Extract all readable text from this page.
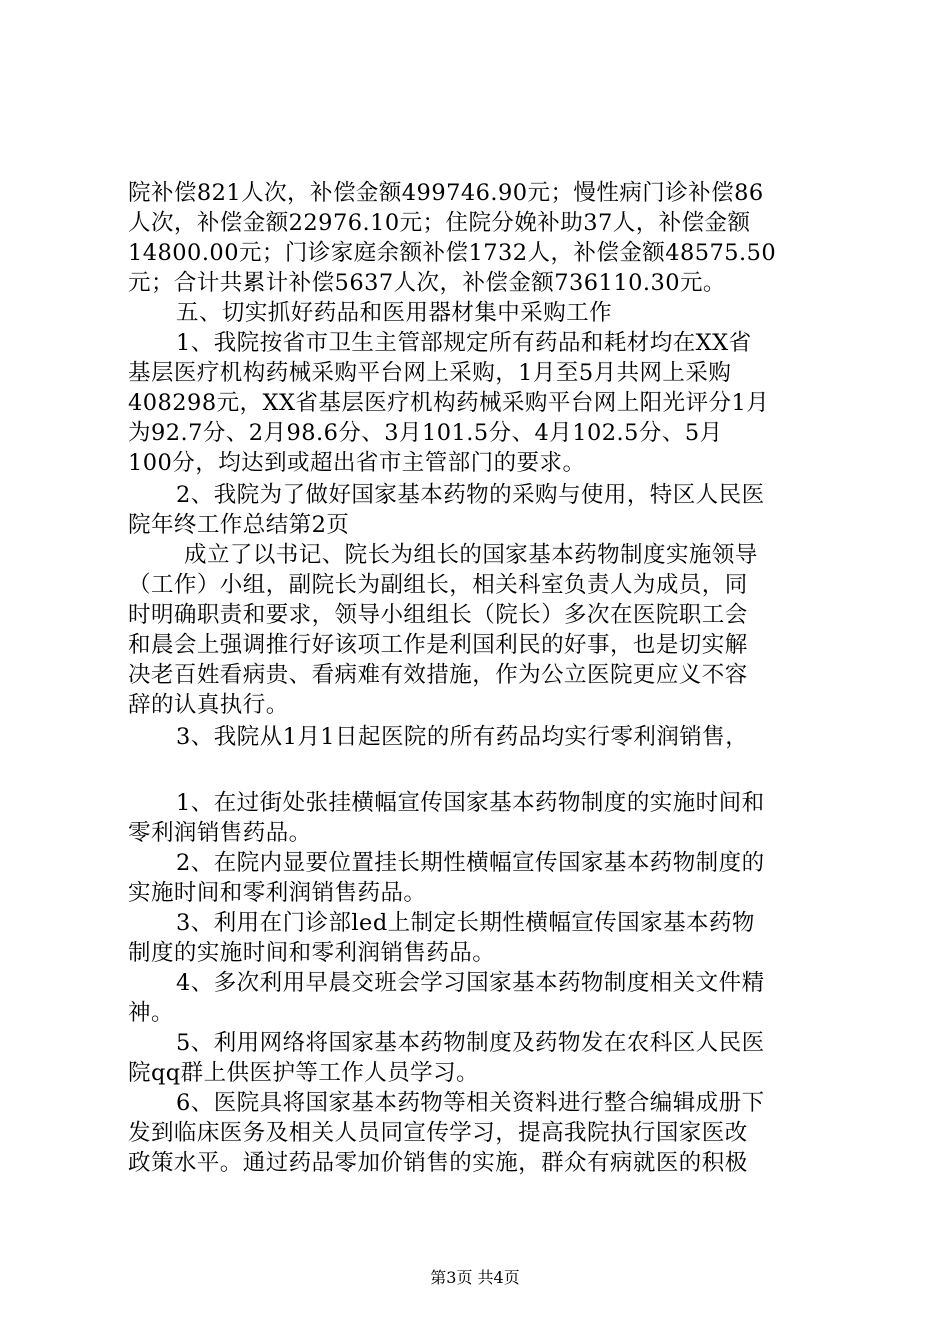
院补偿821人次，补偿金额499746.90元；慢性病门诊补偿86
人次，补偿金额22976.10元；住院分娩补助37人，补偿金额
14800.00元；门诊家庭余额补偿1732人，补偿金额48575.50
元；合计共累计补偿5637人次，补偿金额736110.30元。
五、切实抓好药品和医用器材集中采购工作
1、我院按省市卫生主管部规定所有药品和耗材均在XX省
基层医疗机构药械采购平台网上采购，1月至5月共网上采购
408298元，XX省基层医疗机构药械采购平台网上阳光评分1月
为92.7分、2月98.6分、3月101.5分、4月102.5分、5月
100分，均达到或超出省市主管部门的要求。
2、我院为了做好国家基本药物的采购与使用，特区人民医
院年终工作总结第2页
成立了以书记、院长为组长的国家基本药物制度实施领导
（工作）小组，副院长为副组长，相关科室负责人为成员，同
时明确职责和要求，领导小组组长（院长）多次在医院职工会
和晨会上强调推行好该项工作是利国利民的好事，也是切实解
决老百姓看病贵、看病难有效措施，作为公立医院更应义不容
辞的认真执行。
3、我院从1月1日起医院的所有药品均实行零利润销售，
1、在过街处张挂横幅宣传国家基本药物制度的实施时间和
零利润销售药品。
2、在院内显要位置挂长期性横幅宣传国家基本药物制度的
实施时间和零利润销售药品。
3、利用在门诊部led上制定长期性横幅宣传国家基本药物
制度的实施时间和零利润销售药品。
4、多次利用早晨交班会学习国家基本药物制度相关文件精
神。
5、利用网络将国家基本药物制度及药物发在农科区人民医
院qq群上供医护等工作人员学习。
6、医院具将国家基本药物等相关资料进行整合编辑成册下
发到临床医务及相关人员同宣传学习，提高我院执行国家医改
政策水平。通过药品零加价销售的实施，群众有病就医的积极
第3页 共4页
